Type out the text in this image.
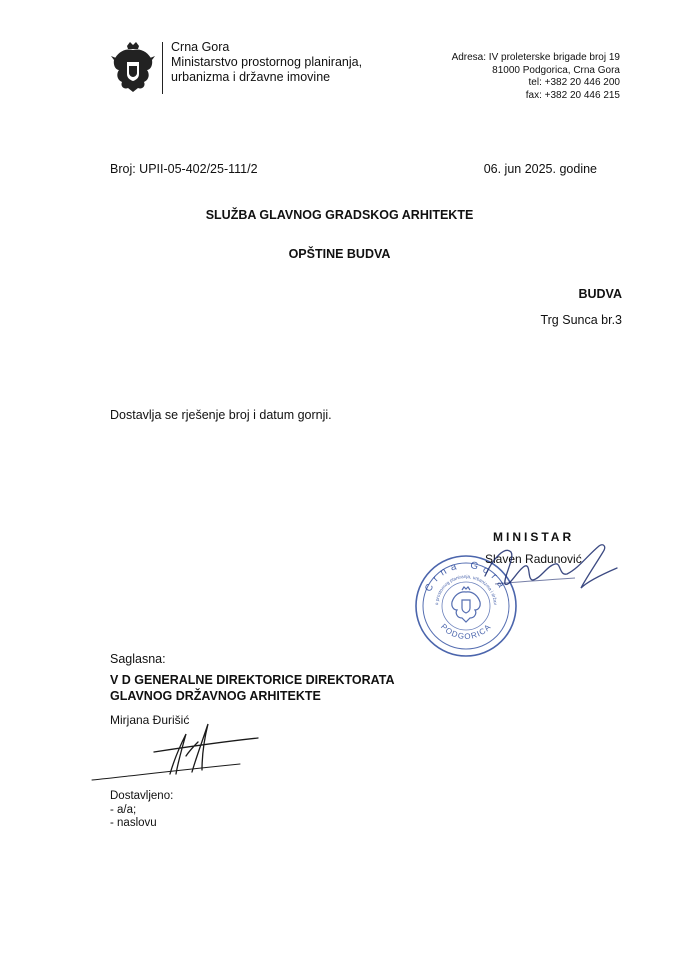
Crna Gora
Ministarstvo prostornog planiranja,
urbanizma i državne imovine
Adresa: IV proleterske brigade broj 19
81000 Podgorica, Crna Gora
tel: +382 20 446 200
fax: +382 20 446 215
Broj: UPII-05-402/25-111/2	06. jun 2025. godine
SLUŽBA GLAVNOG GRADSKOG ARHITEKTE
OPŠTINE BUDVA
BUDVA
Trg Sunca br.3
Dostavlja se rješenje broj i datum gornji.
Crna Gora
o prostornog planiranja, urbanizma i držav
PODGORICA
MINISTAR
Slaven Radunović
Saglasna:
V D GENERALNE DIREKTORICE DIREKTORATA
GLAVNOG DRŽAVNOG ARHITEKTE
Mirjana Đurišić
Dostavljeno:
- a/a;
- naslovu
